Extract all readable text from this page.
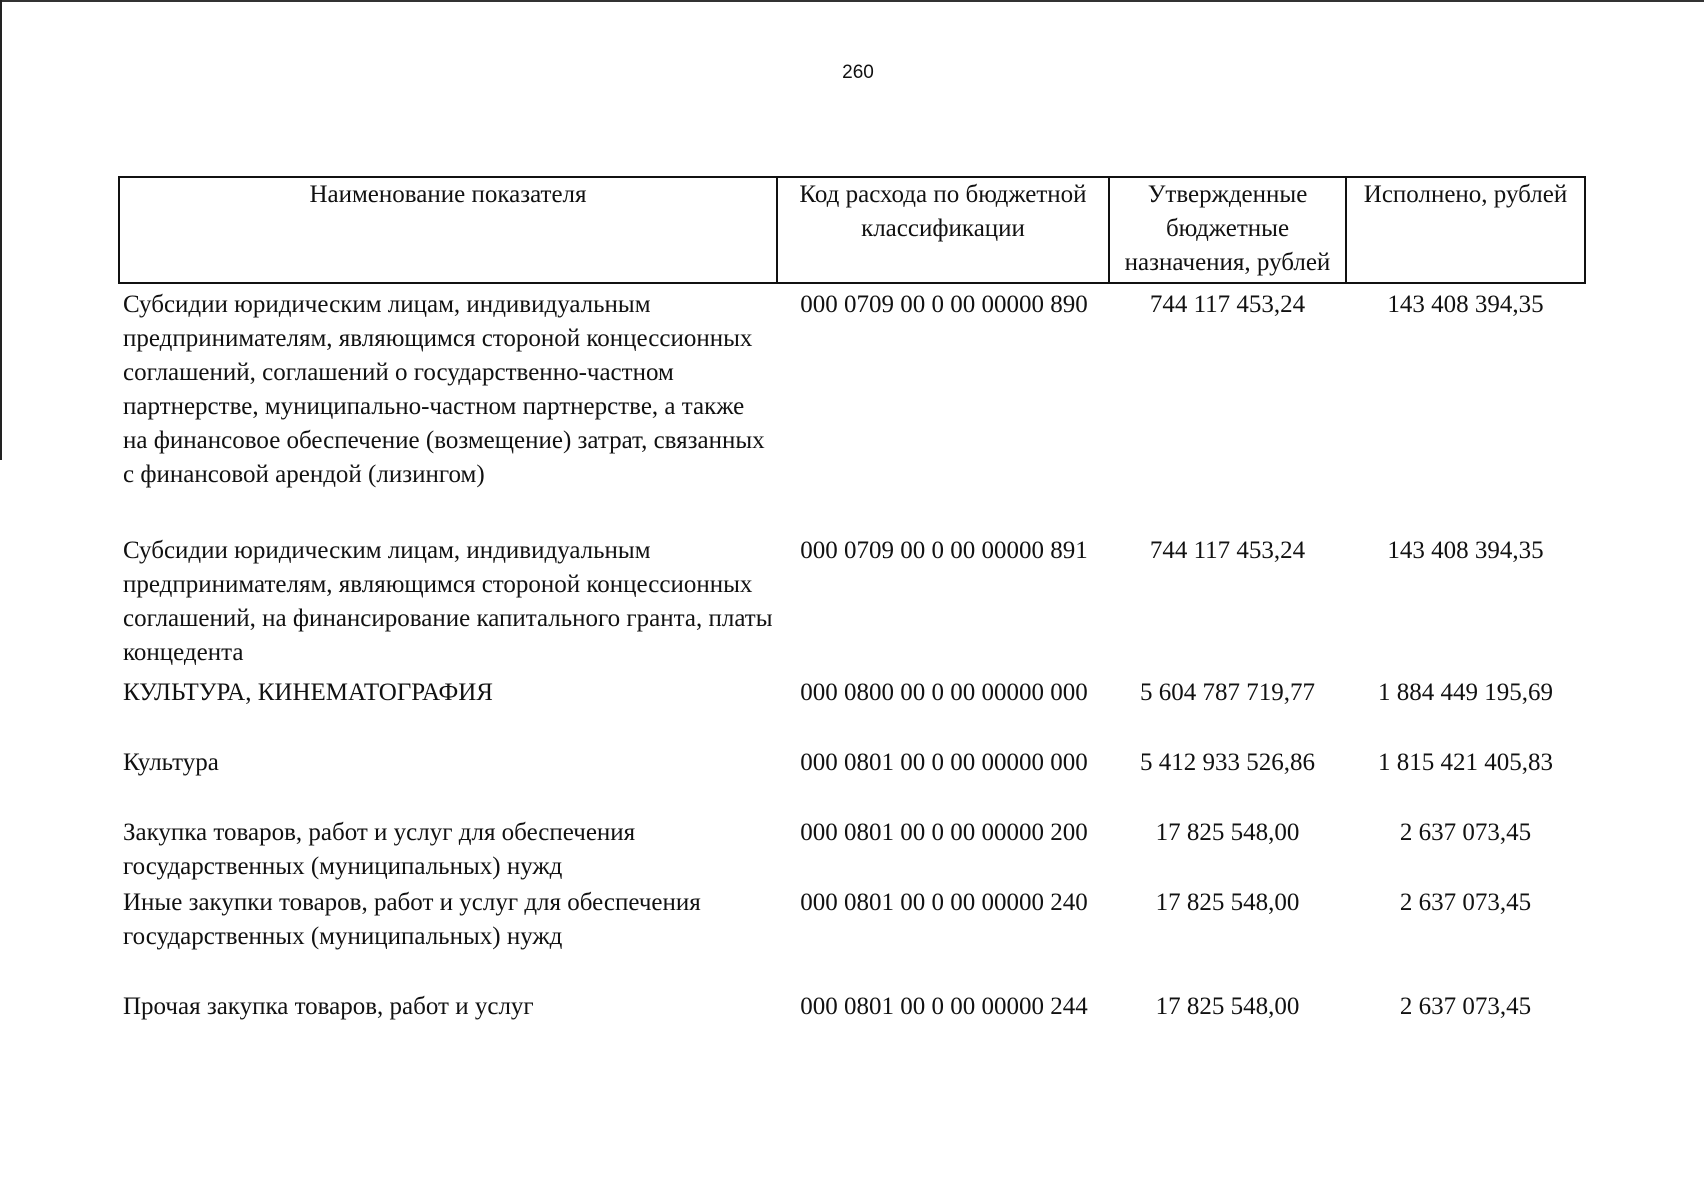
260
Наименование показателя	Код расхода по бюджетной классификации	Утвержденные бюджетные назначения, рублей	Исполнено, рублей
Субсидии юридическим лицам, индивидуальным предпринимателям, являющимся стороной концессионных соглашений, соглашений о государственно-частном партнерстве, муниципально-частном партнерстве, а также на финансовое обеспечение (возмещение) затрат, связанных с финансовой арендой (лизингом)	000 0709 00 0 00 00000 890	744 117 453,24	143 408 394,35
Субсидии юридическим лицам, индивидуальным предпринимателям, являющимся стороной концессионных соглашений, на финансирование капитального гранта, платы концедента	000 0709 00 0 00 00000 891	744 117 453,24	143 408 394,35
КУЛЬТУРА, КИНЕМАТОГРАФИЯ	000 0800 00 0 00 00000 000	5 604 787 719,77	1 884 449 195,69
Культура	000 0801 00 0 00 00000 000	5 412 933 526,86	1 815 421 405,83
Закупка товаров, работ и услуг для обеспечения государственных (муниципальных) нужд	000 0801 00 0 00 00000 200	17 825 548,00	2 637 073,45
Иные закупки товаров, работ и услуг для обеспечения государственных (муниципальных) нужд	000 0801 00 0 00 00000 240	17 825 548,00	2 637 073,45
Прочая закупка товаров, работ и услуг	000 0801 00 0 00 00000 244	17 825 548,00	2 637 073,45
